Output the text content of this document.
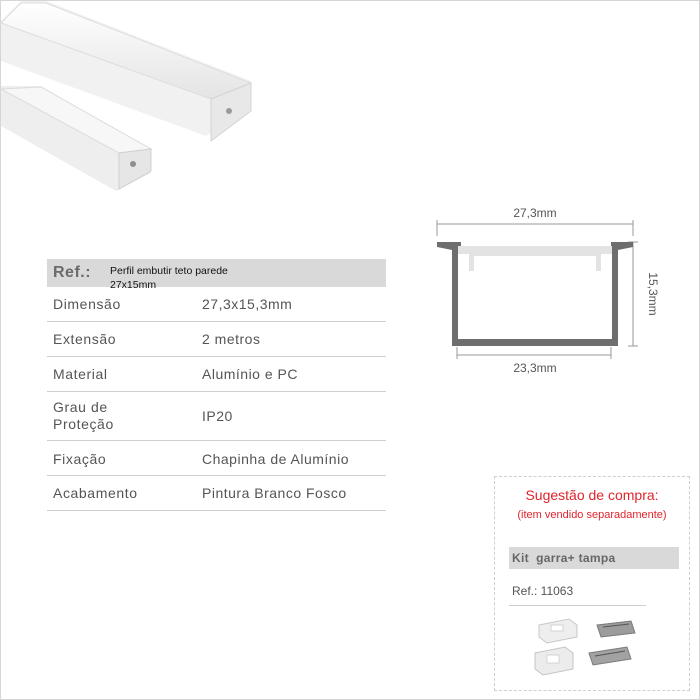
Ref.: Perfil embutir teto parede 27x15mm
Dimensão	27,3x15,3mm
Extensão	2 metros
Material	Alumínio e PC
Grau de Proteção	IP20
Fixação	Chapinha de Alumínio
Acabamento	Pintura Branco Fosco
27,3mm
23,3mm
15,3mm
Sugestão de compra:
(item vendido separadamente)
Kit  garra+ tampa
Ref.: 11063
